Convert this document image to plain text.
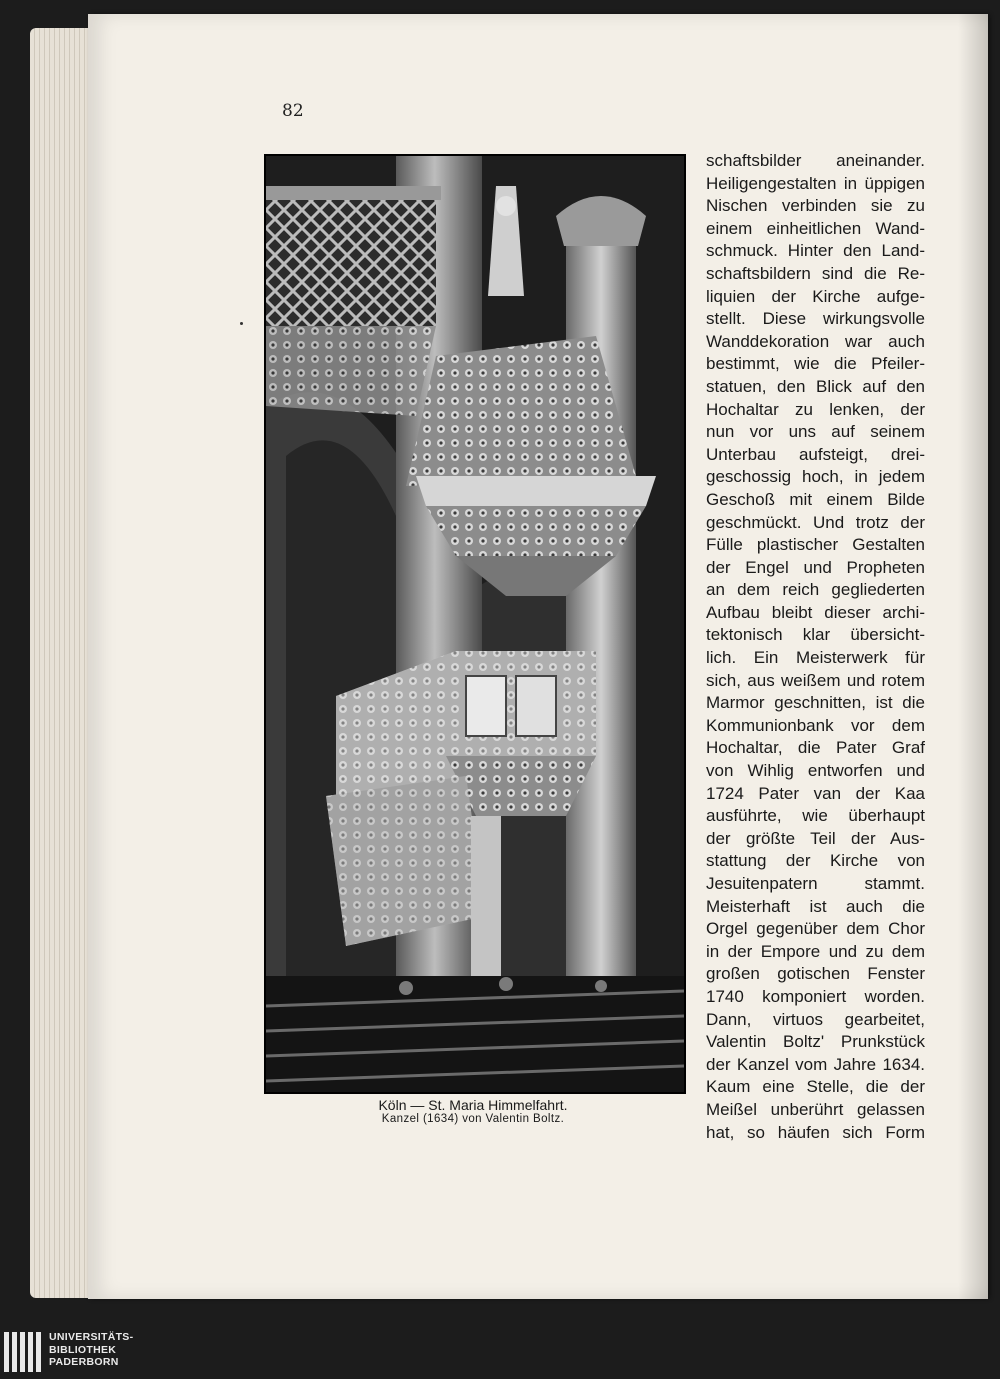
82
Köln — St. Maria Himmelfahrt.
Kanzel (1634) von Valentin Boltz.
schaftsbilder aneinander.
Heiligengestalten in üppigen
Nischen verbinden sie zu
einem einheitlichen Wand-
schmuck. Hinter den Land-
schaftsbildern sind die Re-
liquien der Kirche aufge-
stellt. Diese wirkungsvolle
Wanddekoration war auch
bestimmt, wie die Pfeiler-
statuen, den Blick auf den
Hochaltar zu lenken, der
nun vor uns auf seinem
Unterbau aufsteigt, drei-
geschossig hoch, in jedem
Geschoß mit einem Bilde
geschmückt. Und trotz der
Fülle plastischer Gestalten
der Engel und Propheten
an dem reich gegliederten
Aufbau bleibt dieser archi-
tektonisch klar übersicht-
lich. Ein Meisterwerk für
sich, aus weißem und rotem
Marmor geschnitten, ist die
Kommunionbank vor dem
Hochaltar, die Pater Graf
von Wihlig entworfen und
1724 Pater van der Kaa
ausführte, wie überhaupt
der größte Teil der Aus-
stattung der Kirche von
Jesuitenpatern stammt.
Meisterhaft ist auch die
Orgel gegenüber dem Chor
in der Empore und zu dem
großen gotischen Fenster
1740 komponiert worden.
Dann, virtuos gearbeitet,
Valentin Boltz' Prunkstück
der Kanzel vom Jahre 1634.
Kaum eine Stelle, die der
Meißel unberührt gelassen
hat, so häufen sich Form
UNIVERSITÄTS-
BIBLIOTHEK
PADERBORN
